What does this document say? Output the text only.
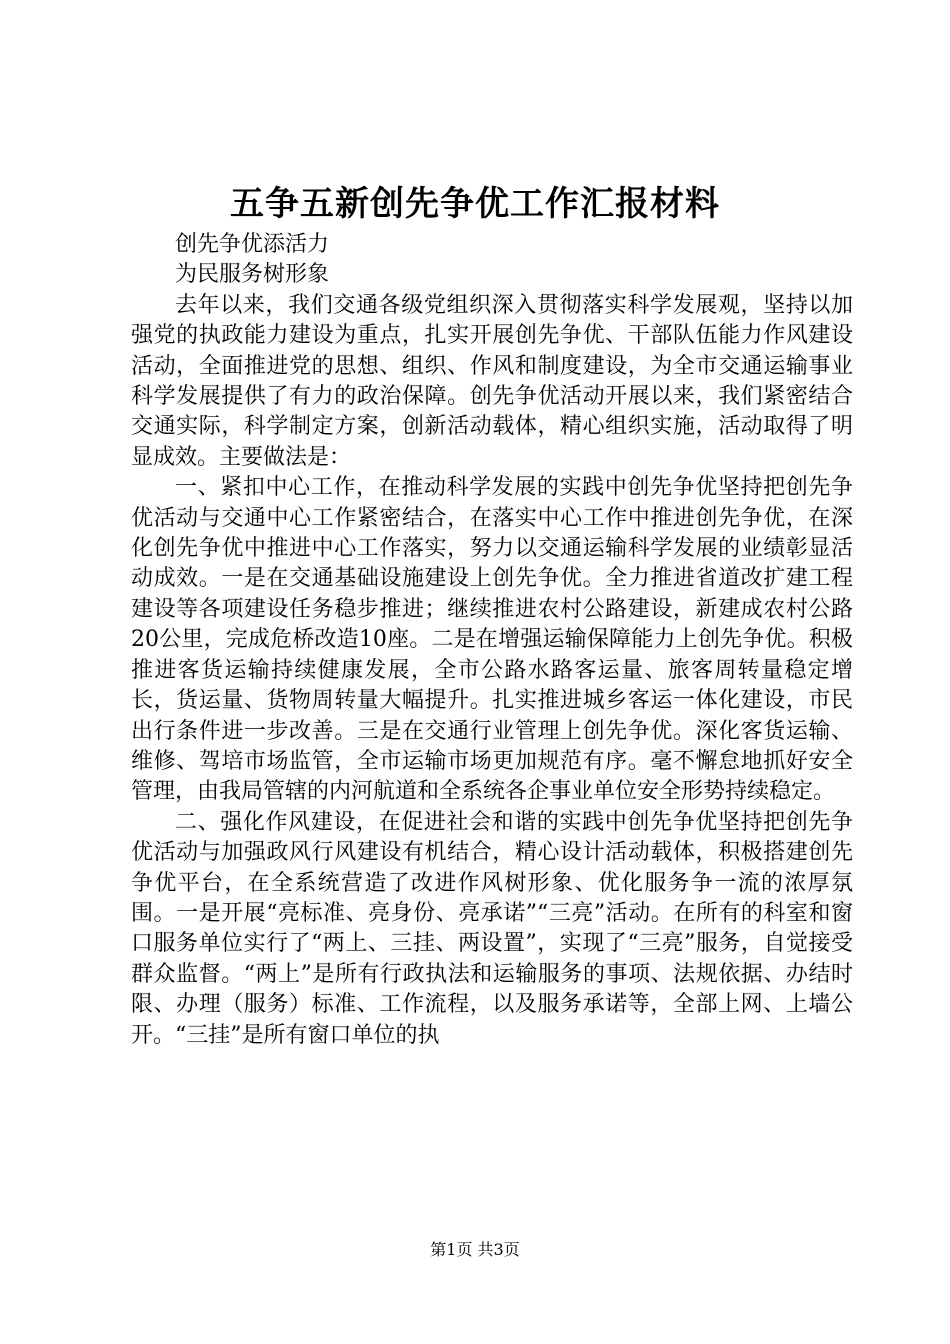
五争五新创先争优工作汇报材料

创先争优添活力

为民服务树形象

去年以来，我们交通各级党组织深入贯彻落实科学发展观，坚持以加强党的执政能力建设为重点，扎实开展创先争优、干部队伍能力作风建设活动，全面推进党的思想、组织、作风和制度建设，为全市交通运输事业科学发展提供了有力的政治保障。创先争优活动开展以来，我们紧密结合交通实际，科学制定方案，创新活动载体，精心组织实施，活动取得了明显成效。主要做法是：

一、紧扣中心工作，在推动科学发展的实践中创先争优坚持把创先争优活动与交通中心工作紧密结合，在落实中心工作中推进创先争优，在深化创先争优中推进中心工作落实，努力以交通运输科学发展的业绩彰显活动成效。一是在交通基础设施建设上创先争优。全力推进省道改扩建工程建设等各项建设任务稳步推进；继续推进农村公路建设，新建成农村公路20公里，完成危桥改造10座。二是在增强运输保障能力上创先争优。积极推进客货运输持续健康发展，全市公路水路客运量、旅客周转量稳定增长，货运量、货物周转量大幅提升。扎实推进城乡客运一体化建设，市民出行条件进一步改善。三是在交通行业管理上创先争优。深化客货运输、维修、驾培市场监管，全市运输市场更加规范有序。毫不懈怠地抓好安全管理，由我局管辖的内河航道和全系统各企事业单位安全形势持续稳定。

二、强化作风建设，在促进社会和谐的实践中创先争优坚持把创先争优活动与加强政风行风建设有机结合，精心设计活动载体，积极搭建创先争优平台，在全系统营造了改进作风树形象、优化服务争一流的浓厚氛围。一是开展“亮标准、亮身份、亮承诺”“三亮”活动。在所有的科室和窗口服务单位实行了“两上、三挂、两设置”，实现了“三亮”服务，自觉接受群众监督。“两上”是所有行政执法和运输服务的事项、法规依据、办结时限、办理（服务）标准、工作流程，以及服务承诺等，全部上网、上墙公开。“三挂”是所有窗口单位的执

第1页 共3页
